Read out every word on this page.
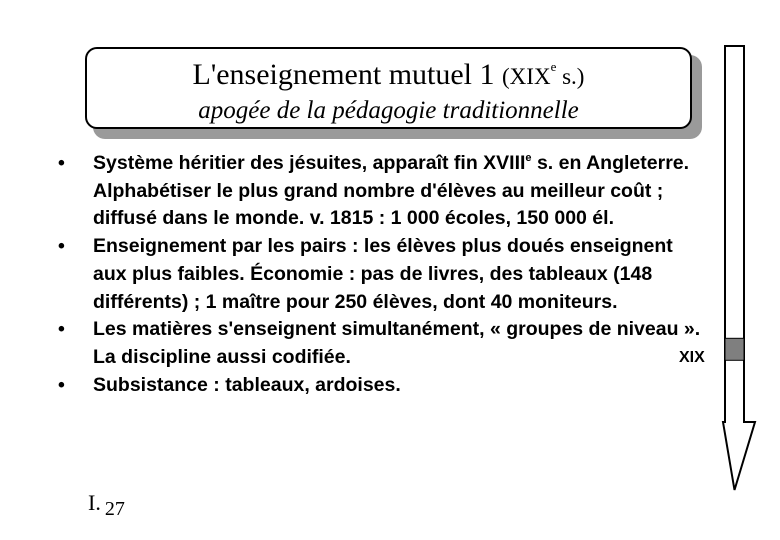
L'enseignement mutuel 1 (XIXe s.)
apogée de la pédagogie traditionnelle
• Système héritier des jésuites, apparaît fin XVIIIe s. en Angleterre. Alphabétiser le plus grand nombre d'élèves au meilleur coût ; diffusé dans le monde. v. 1815 : 1 000 écoles, 150 000 él.
• Enseignement par les pairs : les élèves plus doués enseignent aux plus faibles. Économie : pas de livres, des tableaux (148 différents) ; 1 maître pour 250 élèves, dont 40 moniteurs.
• Les matières s'enseignent simultanément, « groupes de niveau ». La discipline aussi codifiée.
• Subsistance : tableaux, ardoises.
XIX
I. 27
